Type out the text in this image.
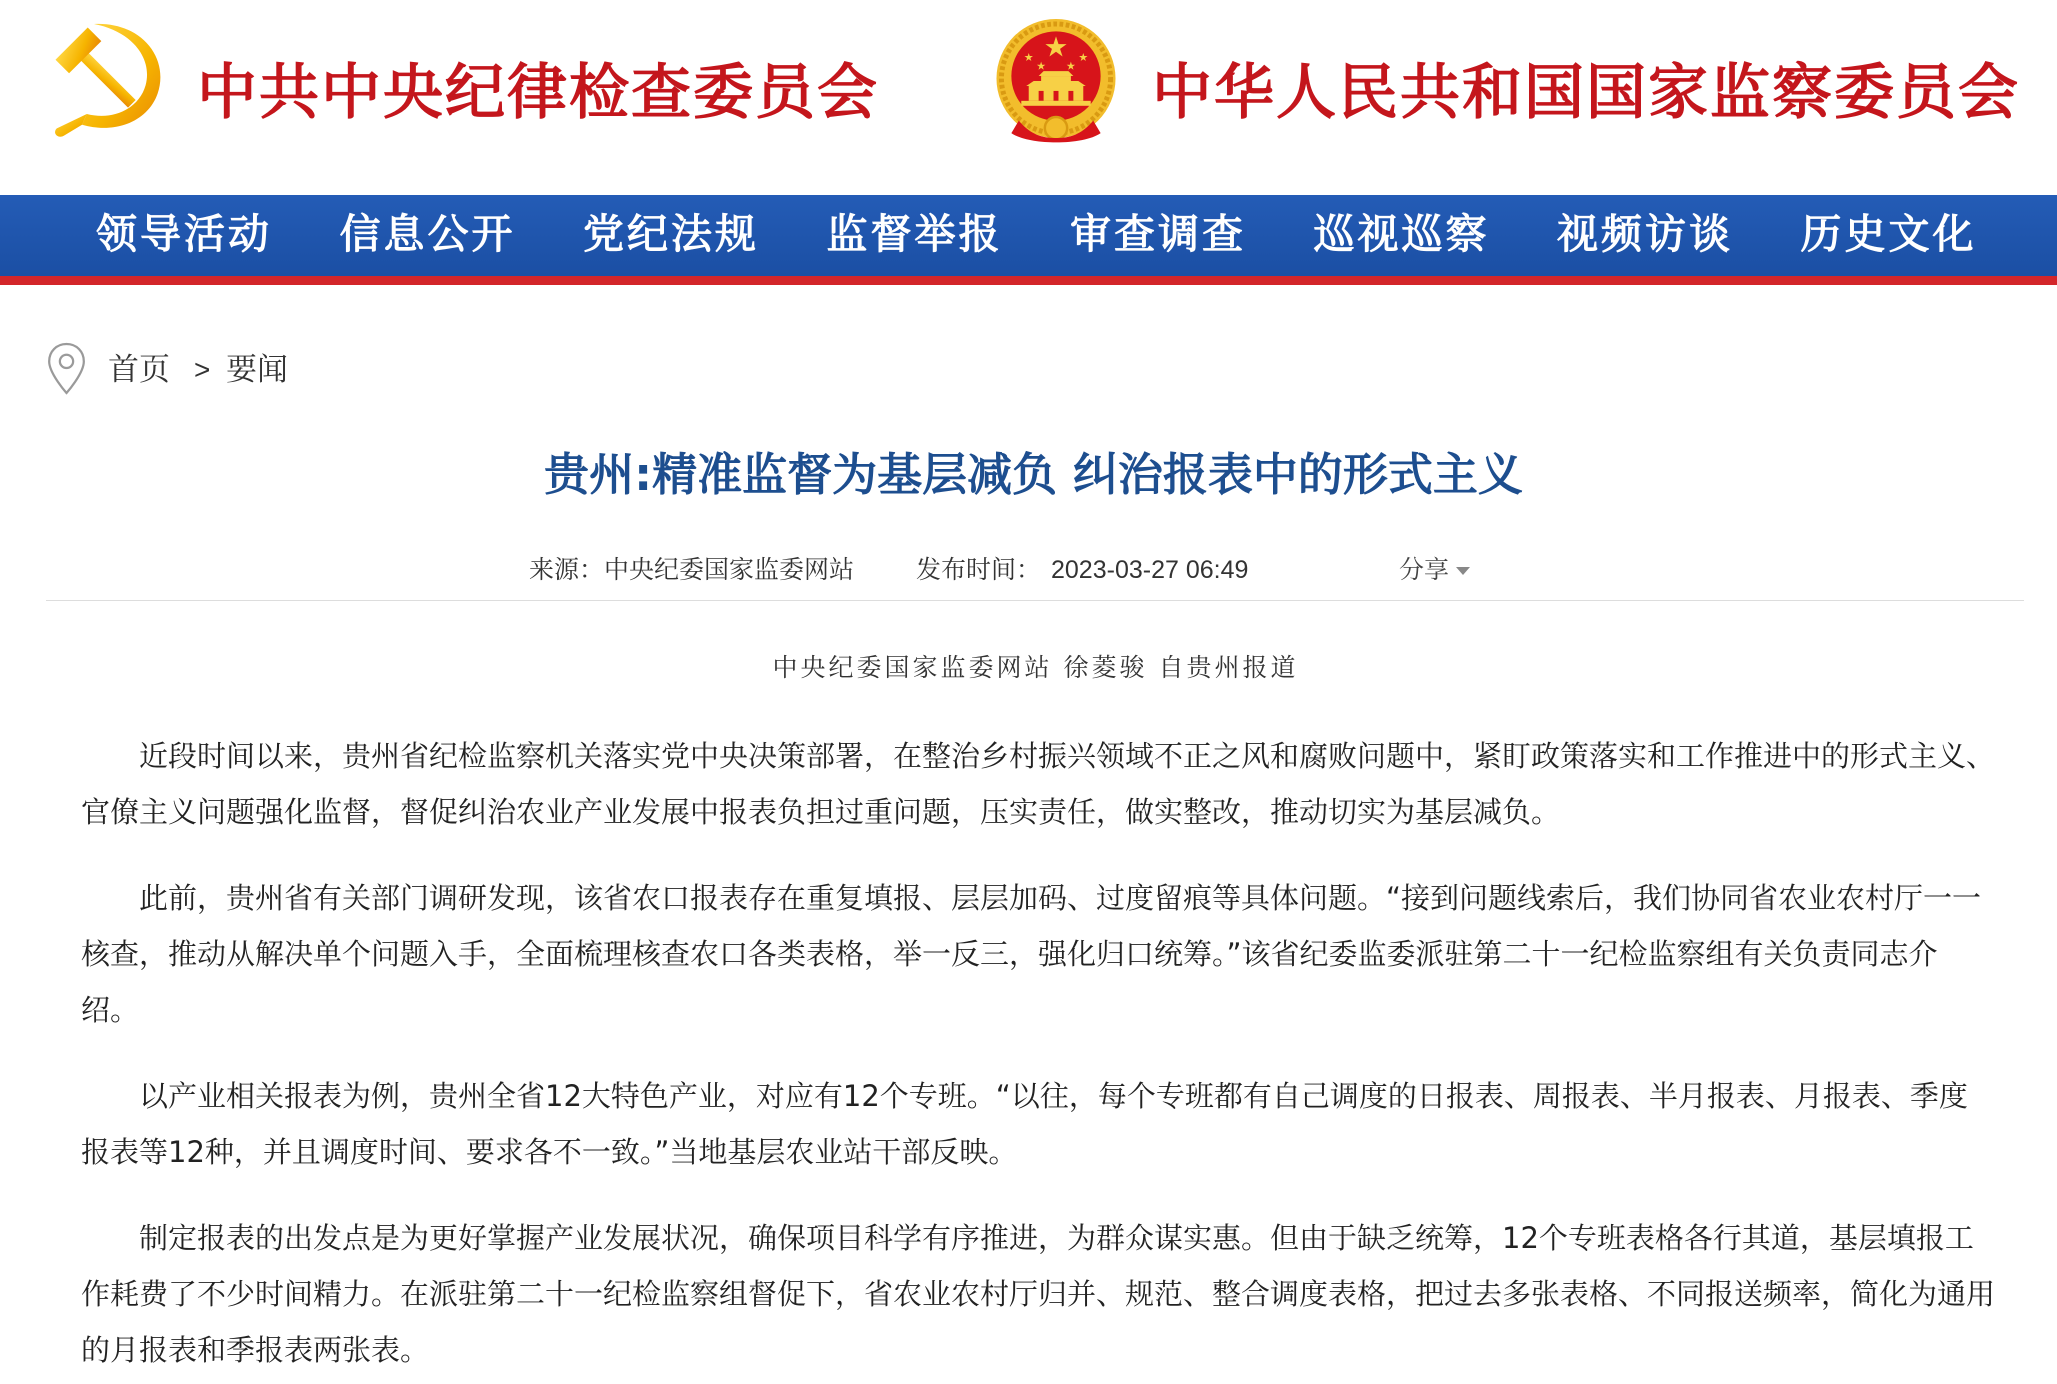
中共中央纪律检查委员会	中华人民共和国国家监察委员会
领导活动	信息公开	党纪法规	监督举报	审查调查	巡视巡察	视频访谈	历史文化
首页 > 要闻
贵州:精准监督为基层减负 纠治报表中的形式主义
来源：中央纪委国家监委网站 发布时间： 2023-03-27 06:49	分享
中央纪委国家监委网站 徐菱骏 自贵州报道

近段时间以来，贵州省纪检监察机关落实党中央决策部署，在整治乡村振兴领域不正之风和腐败问题中，紧盯政策落实和工作推进中的形式主义、官僚主义问题强化监督，督促纠治农业产业发展中报表负担过重问题，压实责任，做实整改，推动切实为基层减负。

此前，贵州省有关部门调研发现，该省农口报表存在重复填报、层层加码、过度留痕等具体问题。“接到问题线索后，我们协同省农业农村厅一一核查，推动从解决单个问题入手，全面梳理核查农口各类表格，举一反三，强化归口统筹。”该省纪委监委派驻第二十一纪检监察组有关负责同志介绍。

以产业相关报表为例，贵州全省12大特色产业，对应有12个专班。“以往，每个专班都有自己调度的日报表、周报表、半月报表、月报表、季度报表等12种，并且调度时间、要求各不一致。”当地基层农业站干部反映。

制定报表的出发点是为更好掌握产业发展状况，确保项目科学有序推进，为群众谋实惠。但由于缺乏统筹，12个专班表格各行其道，基层填报工作耗费了不少时间精力。在派驻第二十一纪检监察组督促下，省农业农村厅归并、规范、整合调度表格，把过去多张表格、不同报送频率，简化为通用的月报表和季报表两张表。
